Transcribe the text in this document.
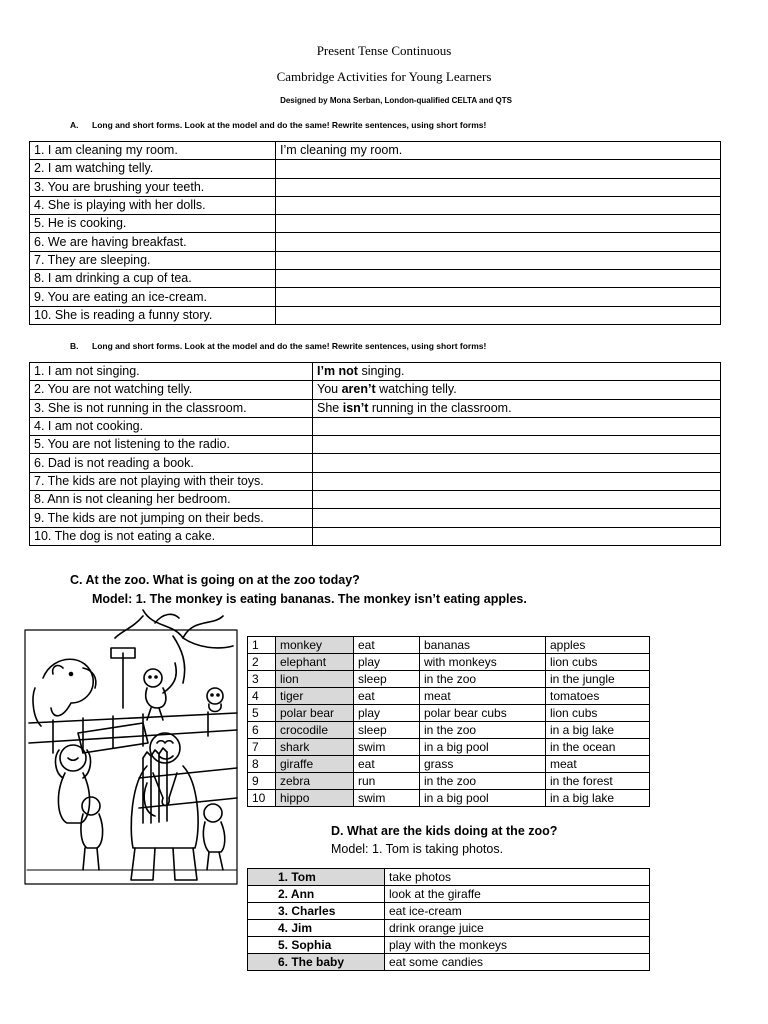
Present Tense Continuous
Cambridge Activities for Young Learners
Designed by Mona Serban, London-qualified CELTA and QTS
A. Long and short forms. Look at the model and do the same! Rewrite sentences, using short forms!
1. I am cleaning my room.	I’m cleaning my room.
2. I am watching telly.	
3. You are brushing your teeth.	
4. She is playing with her dolls.	
5. He is cooking.	
6. We are having breakfast.	
7. They are sleeping.	
8. I am drinking a cup of tea.	
9. You are eating an ice-cream.	
10. She is reading a funny story.	
B. Long and short forms. Look at the model and do the same! Rewrite sentences, using short forms!
1. I am not singing.	I’m not singing.
2. You are not watching telly.	You aren’t watching telly.
3. She is not running in the classroom.	She isn’t running in the classroom.
4. I am not cooking.	
5. You are not listening to the radio.	
6. Dad is not reading a book.	
7. The kids are not playing with their toys.	
8. Ann is not cleaning her bedroom.	
9. The kids are not jumping on their beds.	
10. The dog is not eating a cake.	
C. At the zoo. What is going on at the zoo today?
Model: 1. The monkey is eating bananas. The monkey isn’t eating apples.
1	monkey	eat	bananas	apples
2	elephant	play	with monkeys	lion cubs
3	lion	sleep	in the zoo	in the jungle
4	tiger	eat	meat	tomatoes
5	polar bear	play	polar bear cubs	lion cubs
6	crocodile	sleep	in the zoo	in a big lake
7	shark	swim	in a big pool	in the ocean
8	giraffe	eat	grass	meat
9	zebra	run	in the zoo	in the forest
10	hippo	swim	in a big pool	in a big lake
D. What are the kids doing at the zoo?
Model: 1. Tom is taking photos.
1. Tom	take photos
2. Ann	look at the giraffe
3. Charles	eat ice-cream
4. Jim	drink orange juice
5. Sophia	play with the monkeys
6. The baby	eat some candies
